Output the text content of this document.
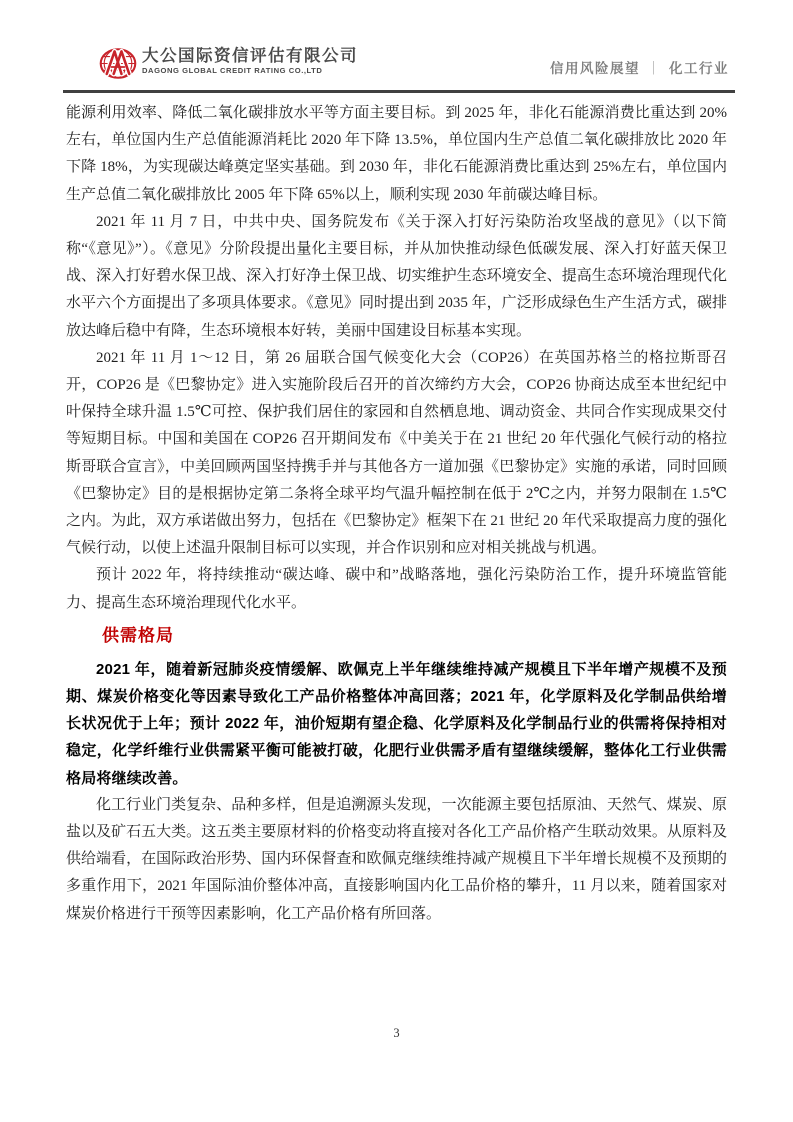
大公国际资信评估有限公司
DAGONG GLOBAL CREDIT RATING CO.,LTD	信用风险展望 ｜ 化工行业

能源利用效率、降低二氧化碳排放水平等方面主要目标。到 2025 年，非化石能源消费比重达到 20%左右，单位国内生产总值能源消耗比 2020 年下降 13.5%，单位国内生产总值二氧化碳排放比 2020 年下降 18%，为实现碳达峰奠定坚实基础。到 2030 年，非化石能源消费比重达到 25%左右，单位国内生产总值二氧化碳排放比 2005 年下降 65%以上，顺利实现 2030 年前碳达峰目标。

2021 年 11 月 7 日，中共中央、国务院发布《关于深入打好污染防治攻坚战的意见》（以下简称“《意见》”）。《意见》分阶段提出量化主要目标，并从加快推动绿色低碳发展、深入打好蓝天保卫战、深入打好碧水保卫战、深入打好净土保卫战、切实维护生态环境安全、提高生态环境治理现代化水平六个方面提出了多项具体要求。《意见》同时提出到 2035 年，广泛形成绿色生产生活方式，碳排放达峰后稳中有降，生态环境根本好转，美丽中国建设目标基本实现。

2021 年 11 月 1～12 日，第 26 届联合国气候变化大会（COP26）在英国苏格兰的格拉斯哥召开，COP26 是《巴黎协定》进入实施阶段后召开的首次缔约方大会，COP26 协商达成至本世纪纪中叶保持全球升温 1.5℃可控、保护我们居住的家园和自然栖息地、调动资金、共同合作实现成果交付等短期目标。中国和美国在 COP26 召开期间发布《中美关于在 21 世纪 20 年代强化气候行动的格拉斯哥联合宣言》，中美回顾两国坚持携手并与其他各方一道加强《巴黎协定》实施的承诺，同时回顾《巴黎协定》目的是根据协定第二条将全球平均气温升幅控制在低于 2℃之内，并努力限制在 1.5℃之内。为此，双方承诺做出努力，包括在《巴黎协定》框架下在 21 世纪 20 年代采取提高力度的强化气候行动，以使上述温升限制目标可以实现，并合作识别和应对相关挑战与机遇。

预计 2022 年，将持续推动“碳达峰、碳中和”战略落地，强化污染防治工作，提升环境监管能力、提高生态环境治理现代化水平。

供需格局

2021 年，随着新冠肺炎疫情缓解、欧佩克上半年继续维持减产规模且下半年增产规模不及预期、煤炭价格变化等因素导致化工产品价格整体冲高回落；2021 年，化学原料及化学制品供给增长状况优于上年；预计 2022 年，油价短期有望企稳、化学原料及化学制品行业的供需将保持相对稳定，化学纤维行业供需紧平衡可能被打破，化肥行业供需矛盾有望继续缓解，整体化工行业供需格局将继续改善。

化工行业门类复杂、品种多样，但是追溯源头发现，一次能源主要包括原油、天然气、煤炭、原盐以及矿石五大类。这五类主要原材料的价格变动将直接对各化工产品价格产生联动效果。从原料及供给端看，在国际政治形势、国内环保督查和欧佩克继续维持减产规模且下半年增长规模不及预期的多重作用下，2021 年国际油价整体冲高，直接影响国内化工品价格的攀升，11 月以来，随着国家对煤炭价格进行干预等因素影响，化工产品价格有所回落。

3
